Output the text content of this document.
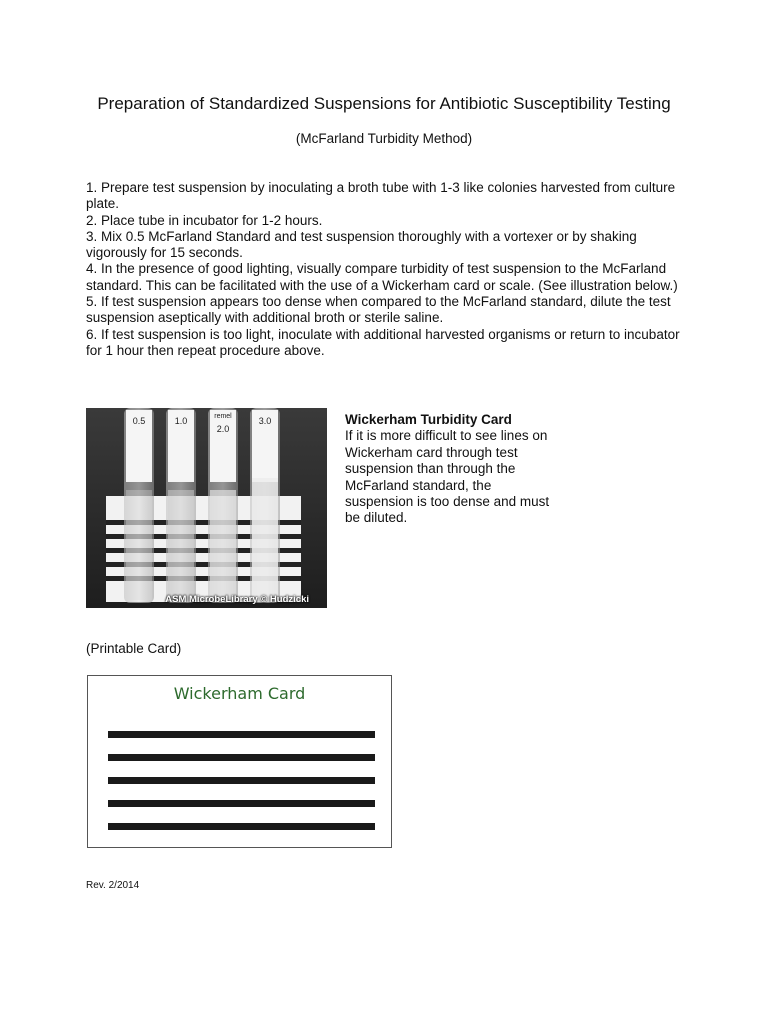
Preparation of Standardized Suspensions for Antibiotic Susceptibility Testing
(McFarland Turbidity Method)
1. Prepare test suspension by inoculating a broth tube with 1-3 like colonies harvested from culture plate.
2. Place tube in incubator for 1-2 hours.
3. Mix 0.5 McFarland Standard and test suspension thoroughly with a vortexer or by shaking vigorously for 15 seconds.
4. In the presence of good lighting, visually compare turbidity of test suspension to the McFarland standard. This can be facilitated with the use of a Wickerham card or scale. (See illustration below.)
5. If test suspension appears too dense when compared to the McFarland standard, dilute the test suspension aseptically with additional broth or sterile saline.
6. If test suspension is too light, inoculate with additional harvested organisms or return to incubator for 1 hour then repeat procedure above.
0.5	1.0	remel
2.0
3.0
ASM MicrobeLibrary © Hudzicki
Wickerham Turbidity Card
If it is more difficult to see lines on Wickerham card through test suspension than through the McFarland standard, the suspension is too dense and must be diluted.
(Printable Card)
Wickerham Card
Rev. 2/2014
